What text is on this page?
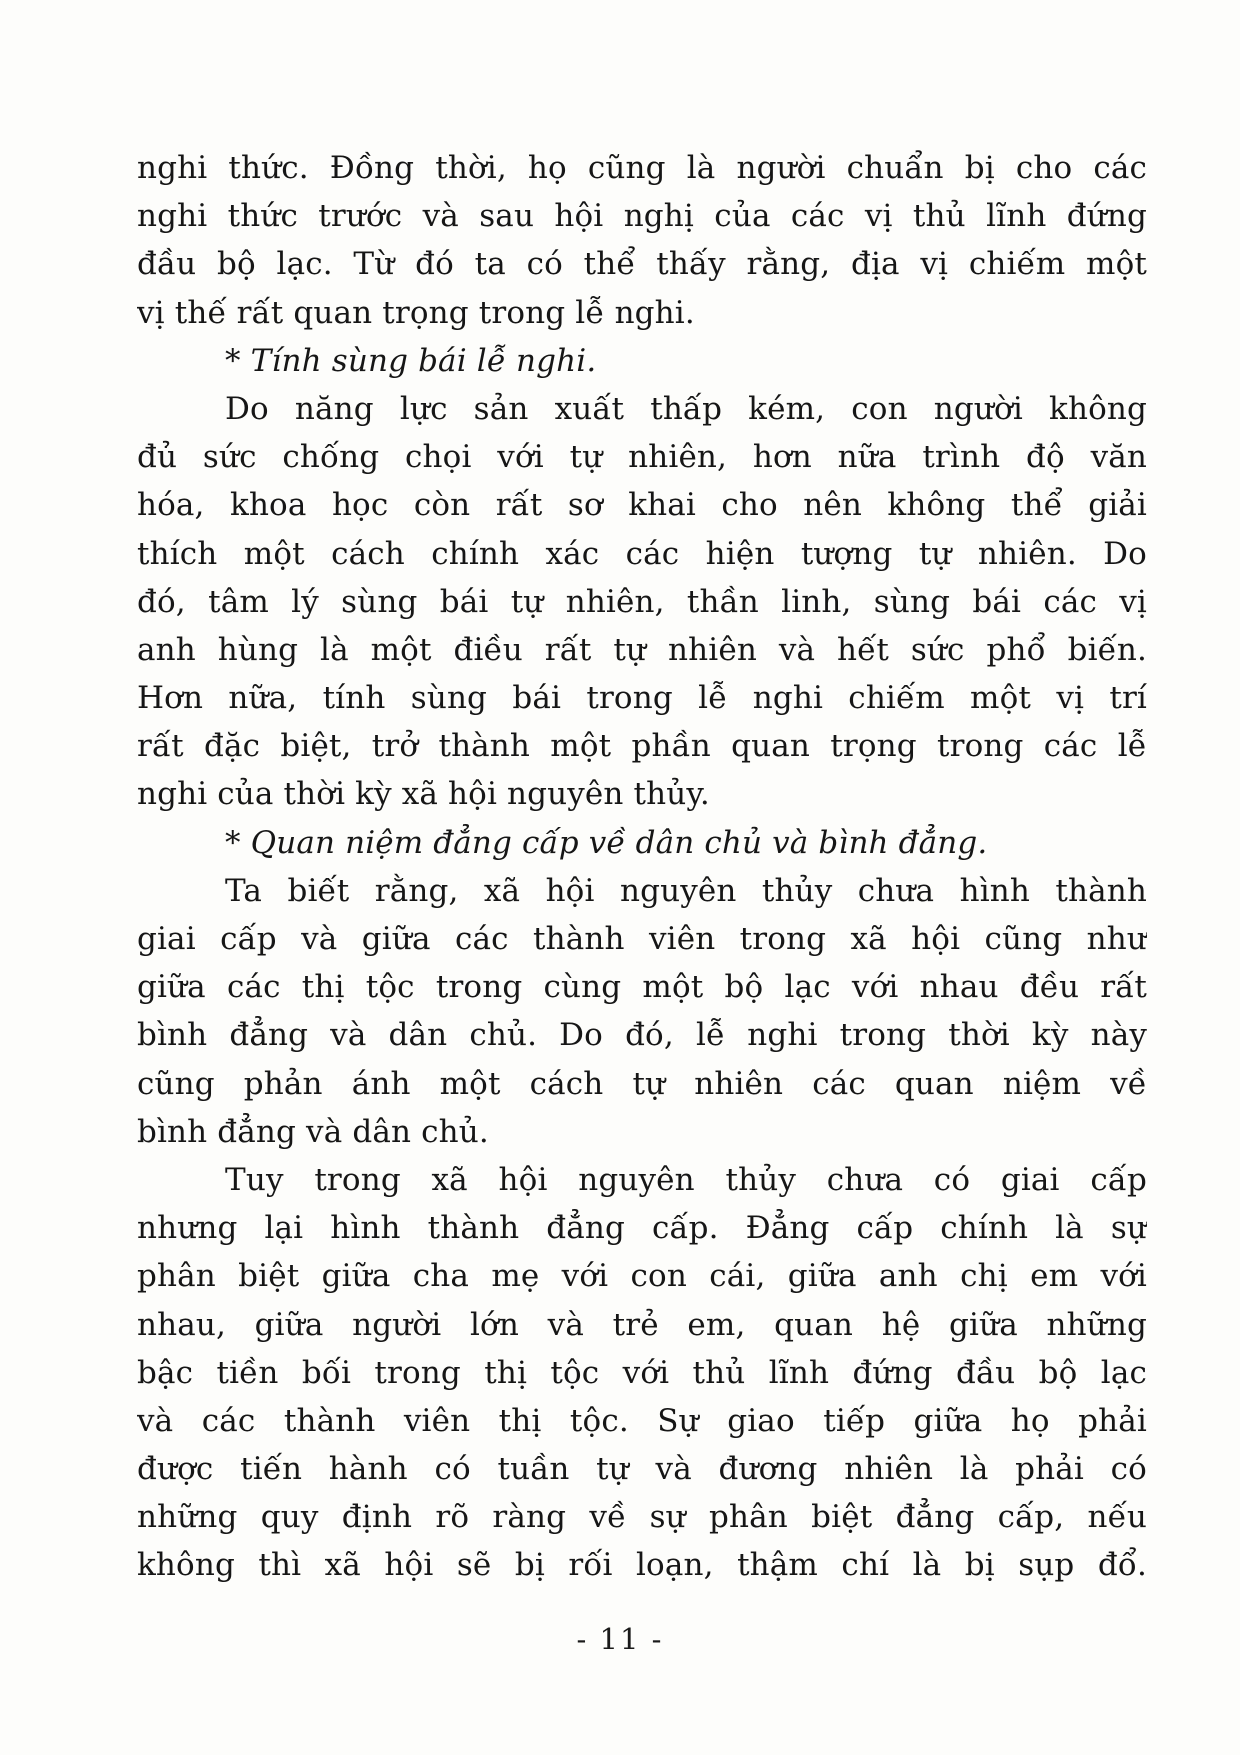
nghi thức. Đồng thời, họ cũng là người chuẩn bị cho các
nghi thức trước và sau hội nghị của các vị thủ lĩnh đứng
đầu bộ lạc. Từ đó ta có thể thấy rằng, địa vị chiếm một
vị thế rất quan trọng trong lễ nghi.
* Tính sùng bái lễ nghi.
Do năng lực sản xuất thấp kém, con người không
đủ sức chống chọi với tự nhiên, hơn nữa trình độ văn
hóa, khoa học còn rất sơ khai cho nên không thể giải
thích một cách chính xác các hiện tượng tự nhiên. Do
đó, tâm lý sùng bái tự nhiên, thần linh, sùng bái các vị
anh hùng là một điều rất tự nhiên và hết sức phổ biến.
Hơn nữa, tính sùng bái trong lễ nghi chiếm một vị trí
rất đặc biệt, trở thành một phần quan trọng trong các lễ
nghi của thời kỳ xã hội nguyên thủy.
* Quan niệm đẳng cấp về dân chủ và bình đẳng.
Ta biết rằng, xã hội nguyên thủy chưa hình thành
giai cấp và giữa các thành viên trong xã hội cũng như
giữa các thị tộc trong cùng một bộ lạc với nhau đều rất
bình đẳng và dân chủ. Do đó, lễ nghi trong thời kỳ này
cũng phản ánh một cách tự nhiên các quan niệm về
bình đẳng và dân chủ.
Tuy trong xã hội nguyên thủy chưa có giai cấp
nhưng lại hình thành đẳng cấp. Đẳng cấp chính là sự
phân biệt giữa cha mẹ với con cái, giữa anh chị em với
nhau, giữa người lớn và trẻ em, quan hệ giữa những
bậc tiền bối trong thị tộc với thủ lĩnh đứng đầu bộ lạc
và các thành viên thị tộc. Sự giao tiếp giữa họ phải
được tiến hành có tuần tự và đương nhiên là phải có
những quy định rõ ràng về sự phân biệt đẳng cấp, nếu
không thì xã hội sẽ bị rối loạn, thậm chí là bị sụp đổ.
- 11 -
